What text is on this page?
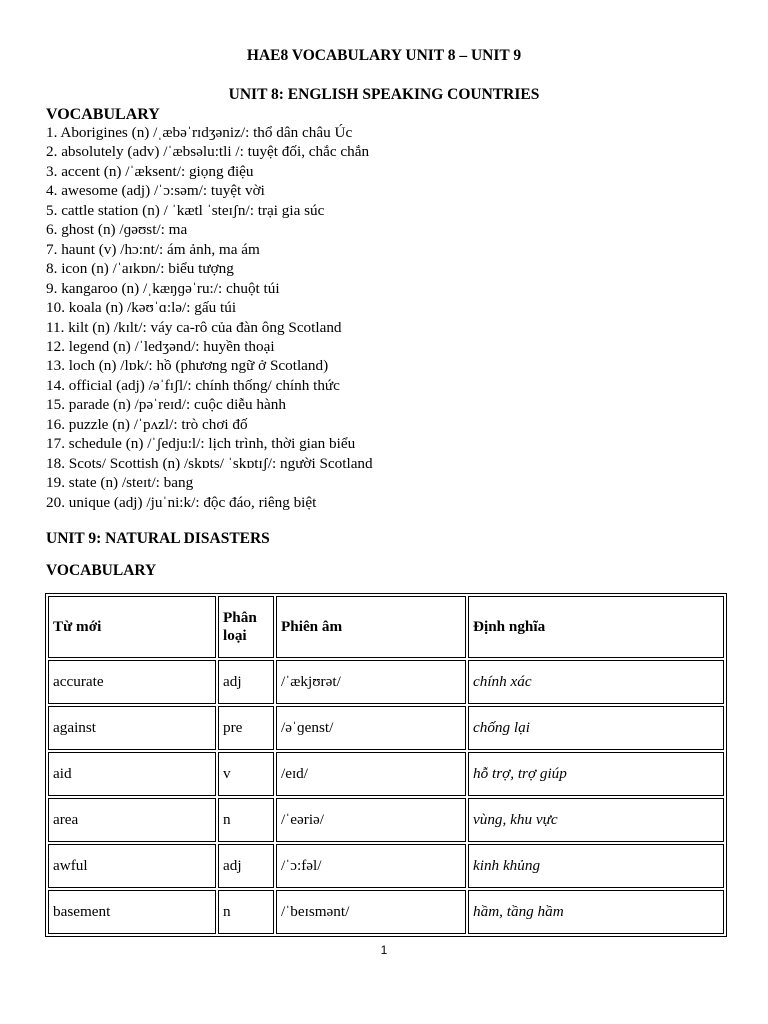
HAE8 VOCABULARY UNIT 8 – UNIT 9
UNIT 8: ENGLISH SPEAKING COUNTRIES
VOCABULARY
1. Aborigines (n) /ˌæbəˈrɪdʒəniz/: thổ dân châu Úc
2. absolutely (adv) /ˈæbsəlu:tli /: tuyệt đối, chắc chắn
3. accent (n) /ˈæksent/: giọng điệu
4. awesome (adj) /ˈɔ:səm/: tuyệt vời
5. cattle station (n) / ˈkætl ˈsteɪʃn/: trại gia súc
6. ghost (n) /ɡəʊst/: ma
7. haunt (v) /hɔ:nt/: ám ảnh, ma ám
8. icon (n) /ˈaɪkɒn/: biểu tượng
9. kangaroo (n) /ˌkæŋɡəˈru:/: chuột túi
10. koala (n) /kəʊˈɑ:lə/: gấu túi
11. kilt (n) /kɪlt/: váy ca-rô của đàn ông Scotland
12. legend (n) /ˈledʒənd/: huyền thoại
13. loch (n) /lɒk/: hồ (phương ngữ ở Scotland)
14. official (adj) /əˈfɪʃl/: chính thống/ chính thức
15. parade (n) /pəˈreɪd/: cuộc diễu hành
16. puzzle (n) /ˈpʌzl/: trò chơi đố
17. schedule (n) /ˈʃedju:l/: lịch trình, thời gian biểu
18. Scots/ Scottish (n) /skɒts/ ˈskɒtɪʃ/: người Scotland
19. state (n) /steɪt/: bang
20. unique (adj) /juˈni:k/: độc đáo, riêng biệt
UNIT 9: NATURAL DISASTERS
VOCABULARY
Từ mới	Phân loại	Phiên âm	Định nghĩa
accurate	adj	/ˈækjʊrət/	chính xác
against	pre	/əˈɡenst/	chống lại
aid	v	/eɪd/	hỗ trợ, trợ giúp
area	n	/ˈeəriə/	vùng, khu vực
awful	adj	/ˈɔ:fəl/	kinh khủng
basement	n	/ˈbeɪsmənt/	hầm, tầng hầm
1
